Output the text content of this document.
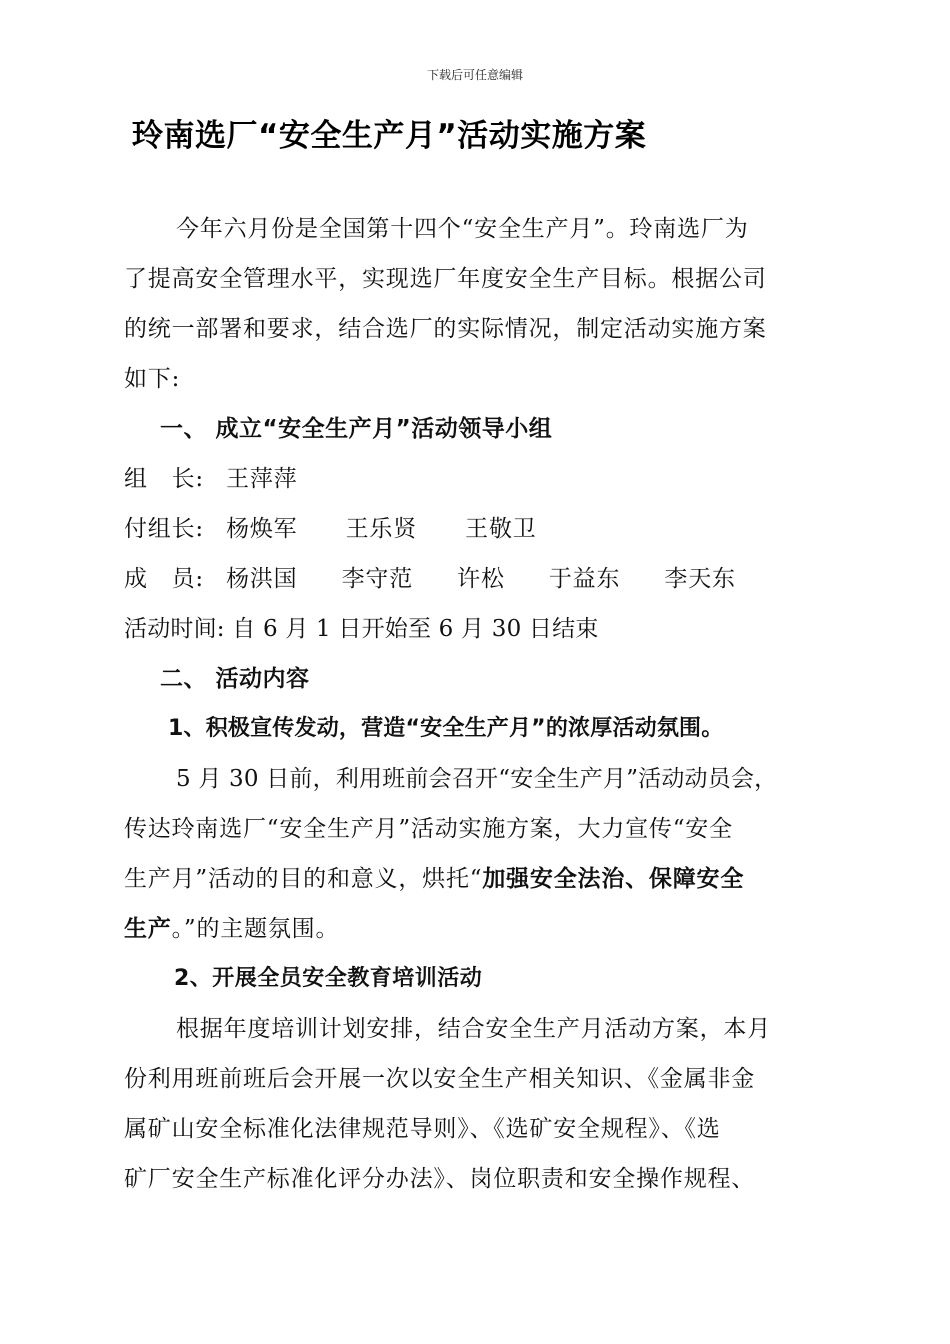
下载后可任意编辑
玲南选厂“安全生产月”活动实施方案
今年六月份是全国第十四个“安全生产月”。玲南选厂为
了提高安全管理水平，实现选厂年度安全生产目标。根据公司
的统一部署和要求，结合选厂的实际情况，制定活动实施方案
如下:
一、 成立“安全生产月”活动领导小组
组　长: 王萍萍
付组长: 杨焕军 王乐贤 王敬卫
成　员: 杨洪国 李守范 许松 于益东 李天东
活动时间: 自 6 月 1 日开始至 6 月 30 日结束
二、 活动内容
1、积极宣传发动，营造“安全生产月”的浓厚活动氛围。
5 月 30 日前，利用班前会召开“安全生产月”活动动员会，
传达玲南选厂“安全生产月”活动实施方案，大力宣传“安全
生产月”活动的目的和意义，烘托“加强安全法治、保障安全
生产。”的主题氛围。
2、开展全员安全教育培训活动
根据年度培训计划安排，结合安全生产月活动方案，本月
份利用班前班后会开展一次以安全生产相关知识、《金属非金
属矿山安全标准化法律规范导则》、《选矿安全规程》、《选
矿厂安全生产标准化评分办法》、岗位职责和安全操作规程、
